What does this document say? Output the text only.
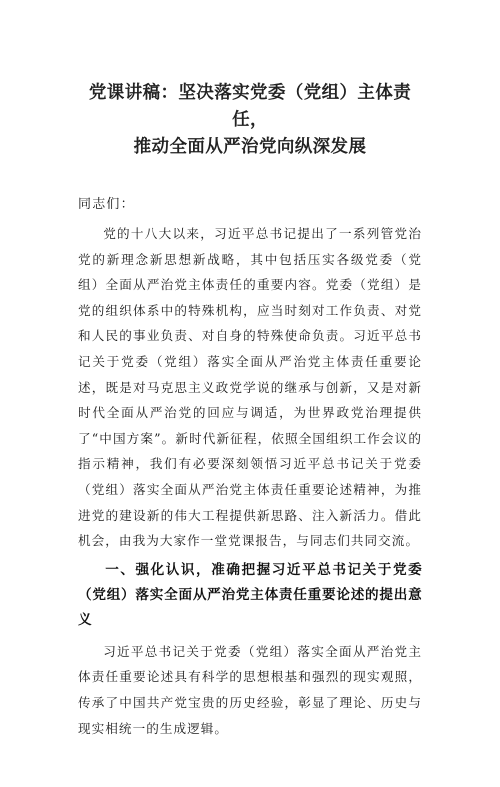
党课讲稿：坚决落实党委（党组）主体责任，
推动全面从严治党向纵深发展

同志们：

党的十八大以来，习近平总书记提出了一系列管党治党的新理念新思想新战略，其中包括压实各级党委（党组）全面从严治党主体责任的重要内容。党委（党组）是党的组织体系中的特殊机构，应当时刻对工作负责、对党和人民的事业负责、对自身的特殊使命负责。习近平总书记关于党委（党组）落实全面从严治党主体责任重要论述，既是对马克思主义政党学说的继承与创新，又是对新时代全面从严治党的回应与调适，为世界政党治理提供了“中国方案”。新时代新征程，依照全国组织工作会议的指示精神，我们有必要深刻领悟习近平总书记关于党委（党组）落实全面从严治党主体责任重要论述精神，为推进党的建设新的伟大工程提供新思路、注入新活力。借此机会，由我为大家作一堂党课报告，与同志们共同交流。

一、强化认识，准确把握习近平总书记关于党委（党组）落实全面从严治党主体责任重要论述的提出意义

习近平总书记关于党委（党组）落实全面从严治党主体责任重要论述具有科学的思想根基和强烈的现实观照，传承了中国共产党宝贵的历史经验，彰显了理论、历史与现实相统一的生成逻辑。
